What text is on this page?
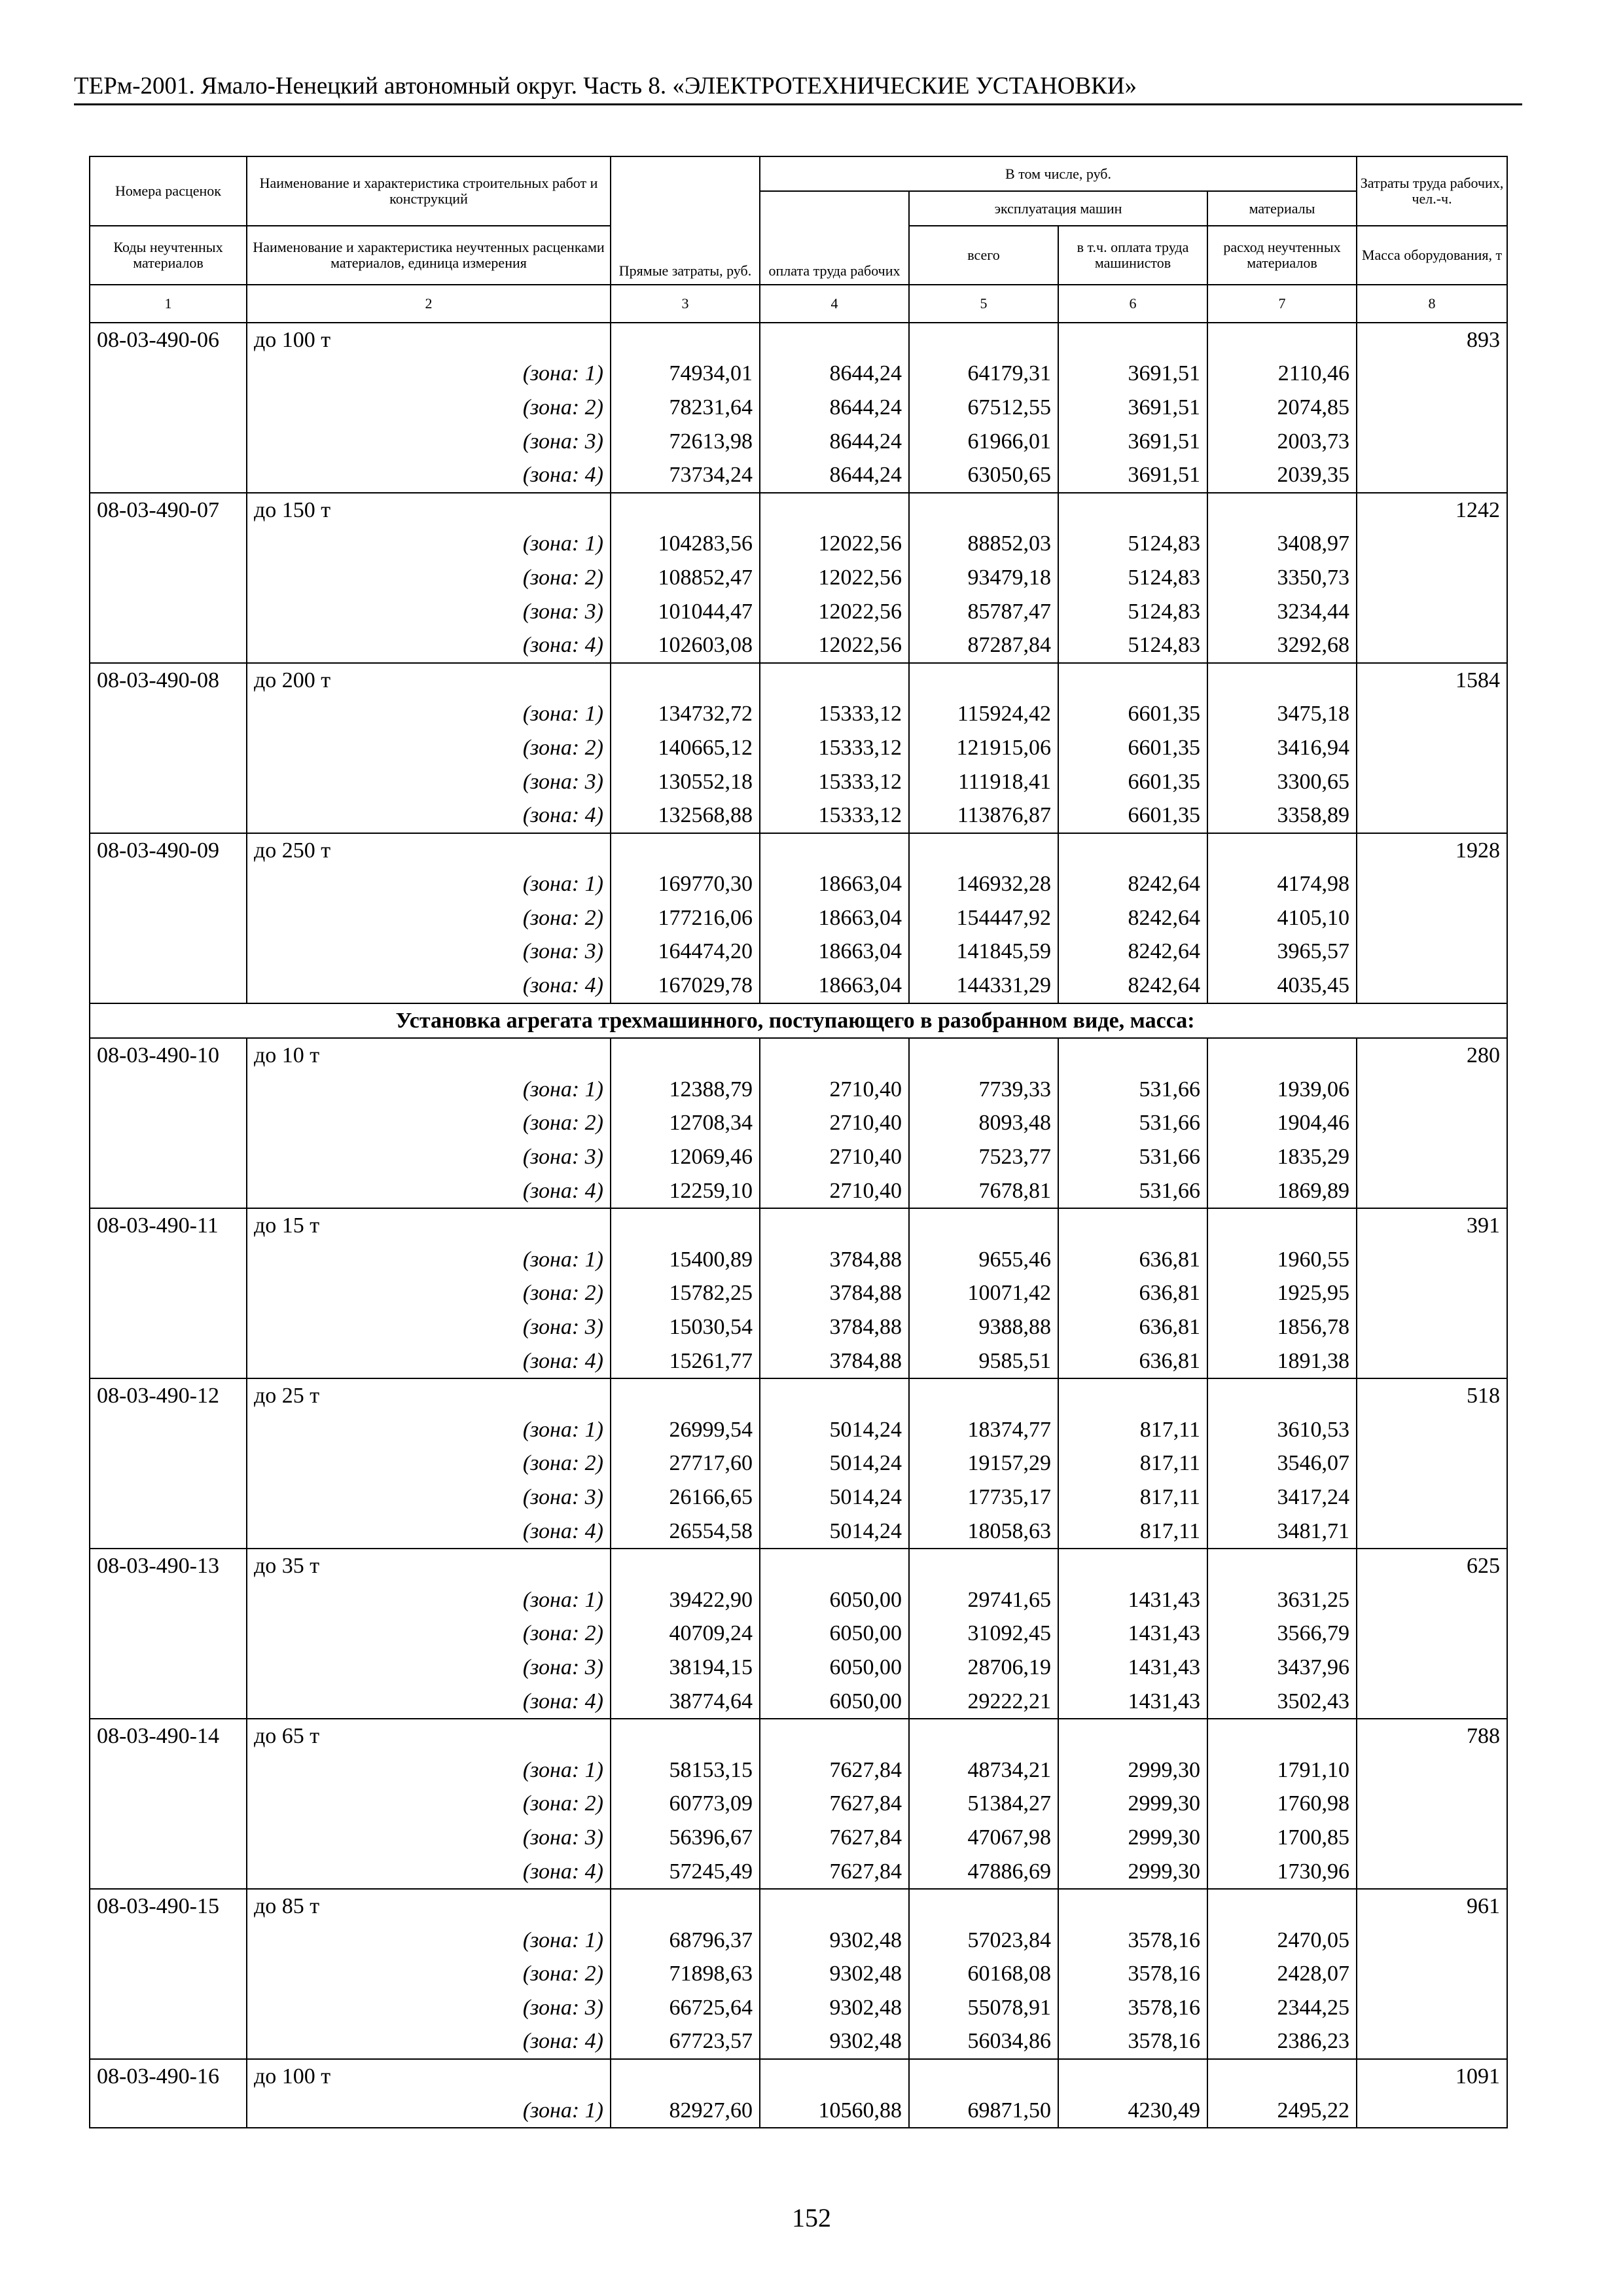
ТЕРм-2001. Ямало-Ненецкий автономный округ. Часть 8. «ЭЛЕКТРОТЕХНИЧЕСКИЕ УСТАНОВКИ»
Номера расценок	Наименование и характеристика строительных работ и конструкций	Прямые затраты, руб.	В том числе, руб.				Затраты труда рабочих, чел.-ч.
			оплата труда рабочих	эксплуатация машин		материалы	

Коды неучтенных материалов	Наименование и характеристика неучтенных расценками материалов, единица измерения			всего	в т.ч. оплата труда машинистов	расход неучтенных материалов	Масса оборудования, т
1	2	3	4	5	6	7	8
08-03-490-06	до 100 т						893
	(зона: 1)	74934,01	8644,24	64179,31	3691,51	2110,46	
	(зона: 2)	78231,64	8644,24	67512,55	3691,51	2074,85	
	(зона: 3)	72613,98	8644,24	61966,01	3691,51	2003,73	
	(зона: 4)	73734,24	8644,24	63050,65	3691,51	2039,35	
08-03-490-07	до 150 т						1242
	(зона: 1)	104283,56	12022,56	88852,03	5124,83	3408,97	
	(зона: 2)	108852,47	12022,56	93479,18	5124,83	3350,73	
	(зона: 3)	101044,47	12022,56	85787,47	5124,83	3234,44	
	(зона: 4)	102603,08	12022,56	87287,84	5124,83	3292,68	
08-03-490-08	до 200 т						1584
	(зона: 1)	134732,72	15333,12	115924,42	6601,35	3475,18	
	(зона: 2)	140665,12	15333,12	121915,06	6601,35	3416,94	
	(зона: 3)	130552,18	15333,12	111918,41	6601,35	3300,65	
	(зона: 4)	132568,88	15333,12	113876,87	6601,35	3358,89	
08-03-490-09	до 250 т						1928
	(зона: 1)	169770,30	18663,04	146932,28	8242,64	4174,98	
	(зона: 2)	177216,06	18663,04	154447,92	8242,64	4105,10	
	(зона: 3)	164474,20	18663,04	141845,59	8242,64	3965,57	
	(зона: 4)	167029,78	18663,04	144331,29	8242,64	4035,45	
Установка агрегата трехмашинного, поступающего в разобранном виде, масса:							
08-03-490-10	до 10 т						280
	(зона: 1)	12388,79	2710,40	7739,33	531,66	1939,06	
	(зона: 2)	12708,34	2710,40	8093,48	531,66	1904,46	
	(зона: 3)	12069,46	2710,40	7523,77	531,66	1835,29	
	(зона: 4)	12259,10	2710,40	7678,81	531,66	1869,89	
08-03-490-11	до 15 т						391
	(зона: 1)	15400,89	3784,88	9655,46	636,81	1960,55	
	(зона: 2)	15782,25	3784,88	10071,42	636,81	1925,95	
	(зона: 3)	15030,54	3784,88	9388,88	636,81	1856,78	
	(зона: 4)	15261,77	3784,88	9585,51	636,81	1891,38	
08-03-490-12	до 25 т						518
	(зона: 1)	26999,54	5014,24	18374,77	817,11	3610,53	
	(зона: 2)	27717,60	5014,24	19157,29	817,11	3546,07	
	(зона: 3)	26166,65	5014,24	17735,17	817,11	3417,24	
	(зона: 4)	26554,58	5014,24	18058,63	817,11	3481,71	
08-03-490-13	до 35 т						625
	(зона: 1)	39422,90	6050,00	29741,65	1431,43	3631,25	
	(зона: 2)	40709,24	6050,00	31092,45	1431,43	3566,79	
	(зона: 3)	38194,15	6050,00	28706,19	1431,43	3437,96	
	(зона: 4)	38774,64	6050,00	29222,21	1431,43	3502,43	
08-03-490-14	до 65 т						788
	(зона: 1)	58153,15	7627,84	48734,21	2999,30	1791,10	
	(зона: 2)	60773,09	7627,84	51384,27	2999,30	1760,98	
	(зона: 3)	56396,67	7627,84	47067,98	2999,30	1700,85	
	(зона: 4)	57245,49	7627,84	47886,69	2999,30	1730,96	
08-03-490-15	до 85 т						961
	(зона: 1)	68796,37	9302,48	57023,84	3578,16	2470,05	
	(зона: 2)	71898,63	9302,48	60168,08	3578,16	2428,07	
	(зона: 3)	66725,64	9302,48	55078,91	3578,16	2344,25	
	(зона: 4)	67723,57	9302,48	56034,86	3578,16	2386,23	
08-03-490-16	до 100 т						1091
	(зона: 1)	82927,60	10560,88	69871,50	4230,49	2495,22	
152
